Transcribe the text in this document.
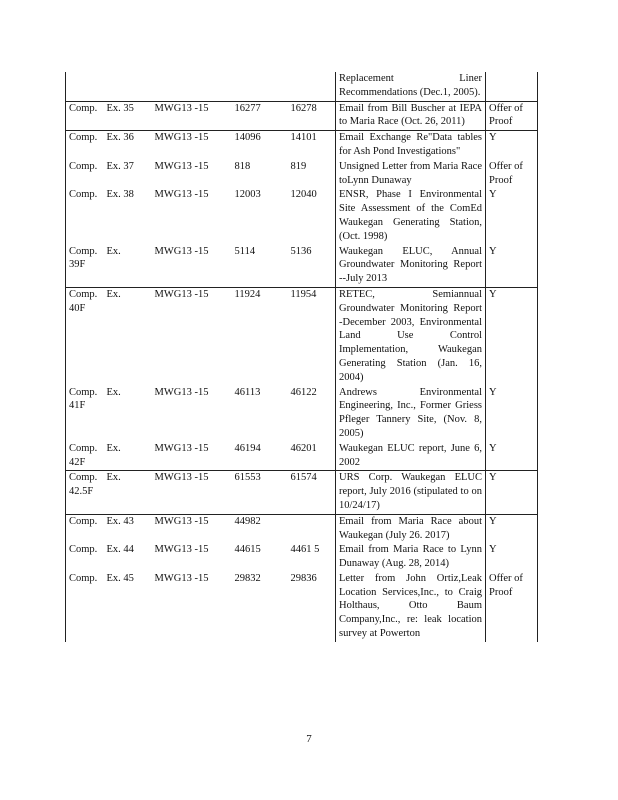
						Replacement Liner Recommendations (Dec.1, 2005).	
Comp.	Ex. 35	MWG13	-15	16277	16278	Email from Bill Buscher at IEPA to Maria Race (Oct. 26, 2011)	Offer of Proof
Comp.	Ex. 36	MWG13	-15	14096	14101	Email Exchange Re"Data tables for Ash Pond Investigations"	Y
Comp.	Ex. 37	MWG13	-15	818	819	Unsigned Letter from Maria Race toLynn Dunaway	Offer of Proof
Comp.	Ex. 38	MWG13	-15	12003	12040	ENSR, Phase I Environmental Site Assessment of the ComEd Waukegan Generating Station, (Oct. 1998)	Y
Comp. 39F	Ex.	MWG13	-15	5114	5136	Waukegan ELUC, Annual Groundwater Monitoring Report --July 2013	Y
Comp. 40F	Ex.	MWG13	-15	11924	11954	RETEC, Semiannual Groundwater Monitoring Report -December 2003, Environmental Land Use Control Implementation, Waukegan Generating Station (Jan. 16, 2004)	Y
Comp. 41F	Ex.	MWG13	-15	46113	46122	Andrews Environmental Engineering, Inc., Former Griess Pfleger Tannery Site, (Nov. 8, 2005)	Y
Comp. 42F	Ex.	MWG13	-15	46194	46201	Waukegan ELUC report, June 6, 2002	Y
Comp. 42.5F	Ex.	MWG13	-15	61553	61574	URS Corp. Waukegan ELUC report, July 2016 (stipulated to on 10/24/17)	Y
Comp.	Ex. 43	MWG13	-15	44982		Email from Maria Race about Waukegan (July 26. 2017)	Y
Comp.	Ex. 44	MWG13	-15	44615	4461 5	Email from Maria Race to Lynn Dunaway (Aug. 28, 2014)	Y
Comp.	Ex. 45	MWG13	-15	29832	29836	Letter from John Ortiz,Leak Location Services,Inc., to Craig Holthaus, Otto Baum Company,Inc., re: leak location survey at Powerton	Offer of Proof
7
